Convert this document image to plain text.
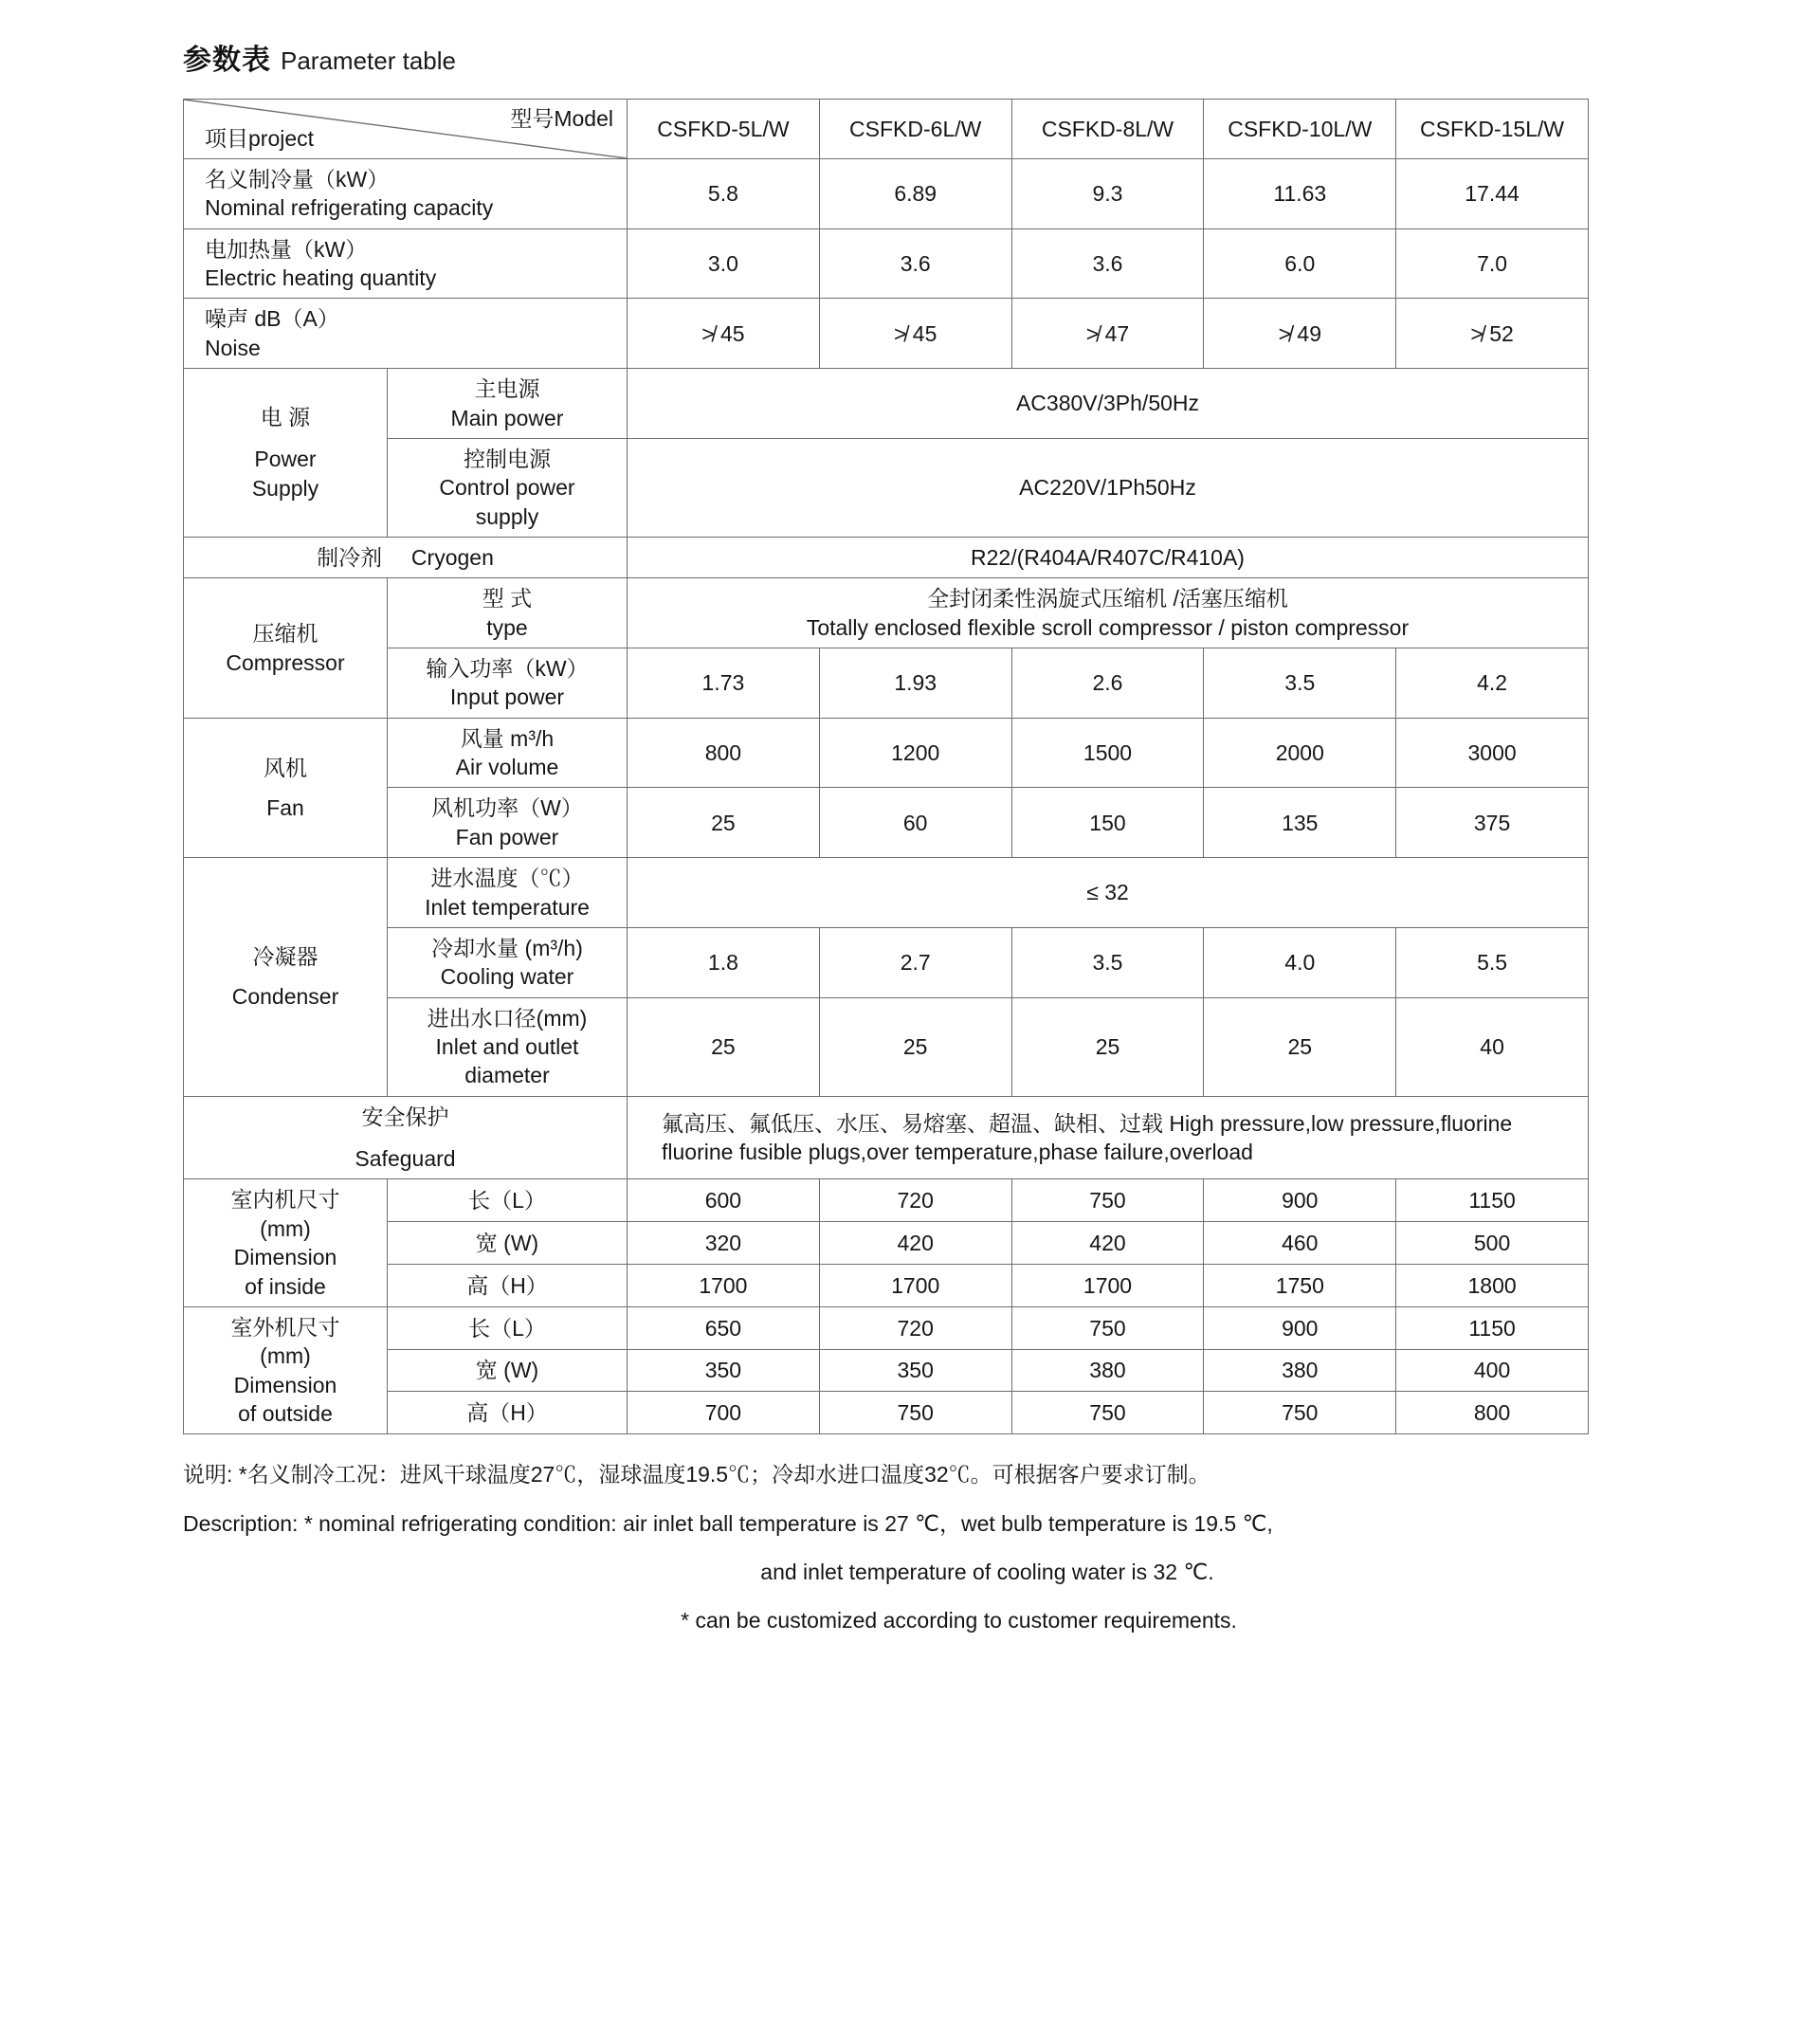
参数表 Parameter table
型号Model
项目project		CSFKD-5L/W	CSFKD-6L/W	CSFKD-8L/W	CSFKD-10L/W	CSFKD-15L/W

名义制冷量（kW）
Nominal refrigerating capacity		5.8	6.89	9.3	11.63	17.44

电加热量（kW）
Electric heating quantity		3.0	3.6	3.6	6.0	7.0

噪声 dB（A）
Noise		≯ 45	≯ 45	≯ 47	≯ 49	≯ 52

电 源
Power
Supply	主电源
Main power	AC380V/3Ph/50Hz				

	控制电源
Control power
supply	AC220V/1Ph50Hz				
制冷剂 Cryogen		R22/(R404A/R407C/R410A)				

压缩机
Compressor	型 式
type	全封闭柔性涡旋式压缩机 /活塞压缩机
Totally enclosed flexible scroll compressor / piston compressor				

	输入功率（kW）
Input power	1.73	1.93	2.6	3.5	4.2

风机
Fan	风量 m³/h
Air volume	800	1200	1500	2000	3000

	风机功率（W）
Fan power	25	60	150	135	375

冷凝器
Condenser	进水温度（℃）
Inlet temperature	≤ 32				

	冷却水量 (m³/h)
Cooling water	1.8	2.7	3.5	4.0	5.5

	进出水口径(mm)
Inlet and outlet
diameter	25	25	25	25	40

安全保护
Safeguard		氟高压、氟低压、水压、易熔塞、超温、缺相、过载 High pressure,low pressure,fluorine fluorine fusible plugs,over temperature,phase failure,overload				

室内机尺寸
(mm)
Dimension
of inside	长（L）	600	720	750	900	1150
	宽 (W)	320	420	420	460	500
	高（H）	1700	1700	1700	1750	1800

室外机尺寸
(mm)
Dimension
of outside	长（L）	650	720	750	900	1150
	宽 (W)	350	350	380	380	400
	高（H）	700	750	750	750	800

说明: *名义制冷工况：进风干球温度27℃，湿球温度19.5℃；冷却水进口温度32℃。可根据客户要求订制。

Description: * nominal refrigerating condition: air inlet ball temperature is 27 ℃，wet bulb temperature is 19.5 ℃,

and inlet temperature of cooling water is 32 ℃.

* can be customized according to customer requirements.
